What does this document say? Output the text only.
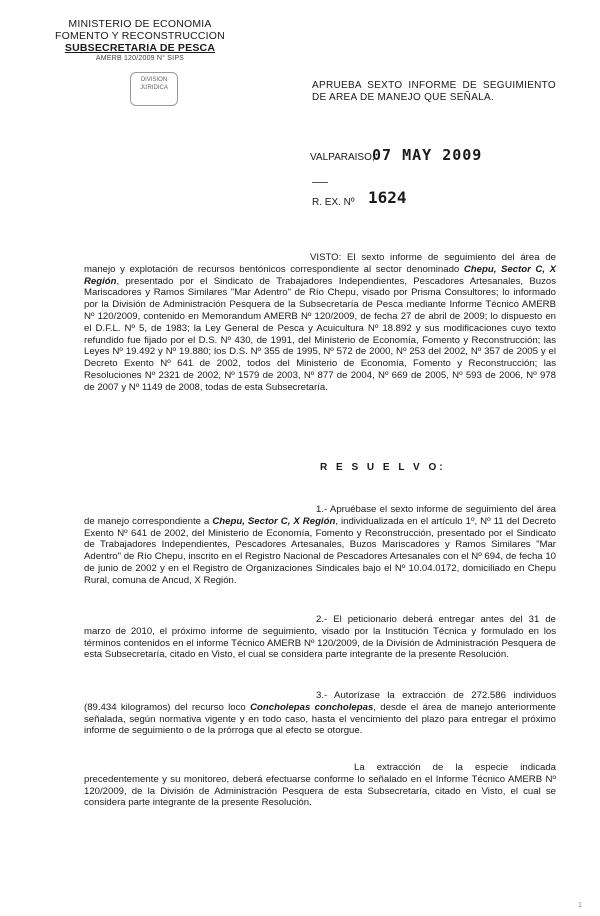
MINISTERIO DE ECONOMIA
FOMENTO Y RECONSTRUCCION
SUBSECRETARIA DE PESCA
AMERB 120/2009 N° SIPS
DIVISION JURIDICA	APRUEBA SEXTO INFORME DE SEGUIMIENTO DE AREA DE MANEJO QUE SEÑALA.
VALPARAISO,
07 MAY 2009
R. EX. Nº 1624
VISTO: El sexto informe de seguimiento del área de manejo y explotación de recursos bentónicos correspondiente al sector denominado Chepu, Sector C, X Región, presentado por el Sindicato de Trabajadores Independientes, Pescadores Artesanales, Buzos Mariscadores y Ramos Similares "Mar Adentro" de Río Chepu, visado por Prisma Consultores; lo informado por la División de Administración Pesquera de la Subsecretaría de Pesca mediante Informe Técnico AMERB Nº 120/2009, contenido en Memorandum AMERB Nº 120/2009, de fecha 27 de abril de 2009; lo dispuesto en el D.F.L. Nº 5, de 1983; la Ley General de Pesca y Acuicultura Nº 18.892 y sus modificaciones cuyo texto refundido fue fijado por el D.S. Nº 430, de 1991, del Ministerio de Economía, Fomento y Reconstrucción; las Leyes Nº 19.492 y Nº 19.880; los D.S. Nº 355 de 1995, Nº 572 de 2000, Nº 253 del 2002, Nº 357 de 2005 y el Decreto Exento Nº 641 de 2002, todos del Ministerio de Economía, Fomento y Reconstrucción; las Resoluciones Nº 2321 de 2002, Nº 1579 de 2003, Nº 877 de 2004, Nº 669 de 2005, Nº 593 de 2006, Nº 978 de 2007 y Nº 1149 de 2008, todas de esta Subsecretaría.
R E S U E L V O:
1.- Apruébase el sexto informe de seguimiento del área de manejo correspondiente a Chepu, Sector C, X Región, individualizada en el artículo 1º, Nº 11 del Decreto Exento Nº 641 de 2002, del Ministerio de Economía, Fomento y Reconstrucción, presentado por el Sindicato de Trabajadores Independientes, Pescadores Artesanales, Buzos Mariscadores y Ramos Similares "Mar Adentro" de Río Chepu, inscrito en el Registro Nacional de Pescadores Artesanales con el Nº 694, de fecha 10 de junio de 2002 y en el Registro de Organizaciones Sindicales bajo el Nº 10.04.0172, domiciliado en Chepu Rural, comuna de Ancud, X Región.
2.- El peticionario deberá entregar antes del 31 de marzo de 2010, el próximo informe de seguimiento, visado por la Institución Técnica y formulado en los términos contenidos en el informe Técnico AMERB Nº 120/2009, de la División de Administración Pesquera de esta Subsecretaría, citado en Visto, el cual se considera parte integrante de la presente Resolución.
3.- Autorízase la extracción de 272.586 individuos (89.434 kilogramos) del recurso loco Concholepas concholepas, desde el área de manejo anteriormente señalada, según normativa vigente y en todo caso, hasta el vencimiento del plazo para entregar el próximo informe de seguimiento o de la prórroga que al efecto se otorgue.
La extracción de la especie indicada precedentemente y su monitoreo, deberá efectuarse conforme lo señalado en el Informe Técnico AMERB Nº 120/2009, de la División de Administración Pesquera de esta Subsecretaría, citado en Visto, el cual se considera parte integrante de la presente Resolución.
1
